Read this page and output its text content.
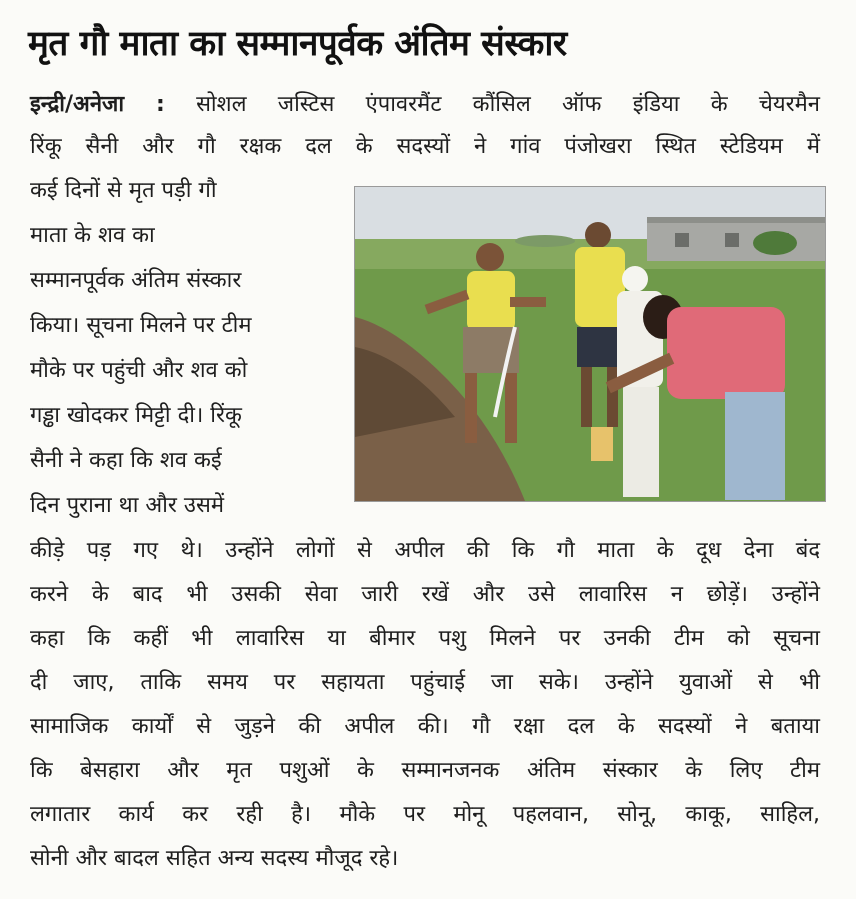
मृत गौ माता का सम्मानपूर्वक अंतिम संस्कार
इन्द्री/अनेजा : सोशल जस्टिस एंपावरमैंट कौंसिल ऑफ इंडिया के चेयरमैन
रिंकू सैनी और गौ रक्षक दल के सदस्यों ने गांव पंजोखरा स्थित स्टेडियम में
कई दिनों से मृत पड़ी गौ
माता के शव का
सम्मानपूर्वक अंतिम संस्कार
किया। सूचना मिलने पर टीम
मौके पर पहुंची और शव को
गड्ढा खोदकर मिट्टी दी। रिंकू
सैनी ने कहा कि शव कई
दिन पुराना था और उसमें
कीड़े पड़ गए थे। उन्होंने लोगों से अपील की कि गौ माता के दूध देना बंद
करने के बाद भी उसकी सेवा जारी रखें और उसे लावारिस न छोड़ें। उन्होंने
कहा कि कहीं भी लावारिस या बीमार पशु मिलने पर उनकी टीम को सूचना
दी जाए, ताकि समय पर सहायता पहुंचाई जा सके। उन्होंने युवाओं से भी
सामाजिक कार्यों से जुड़ने की अपील की। गौ रक्षा दल के सदस्यों ने बताया
कि बेसहारा और मृत पशुओं के सम्मानजनक अंतिम संस्कार के लिए टीम
लगातार कार्य कर रही है। मौके पर मोनू पहलवान, सोनू, काकू, साहिल,
सोनी और बादल सहित अन्य सदस्य मौजूद रहे।
